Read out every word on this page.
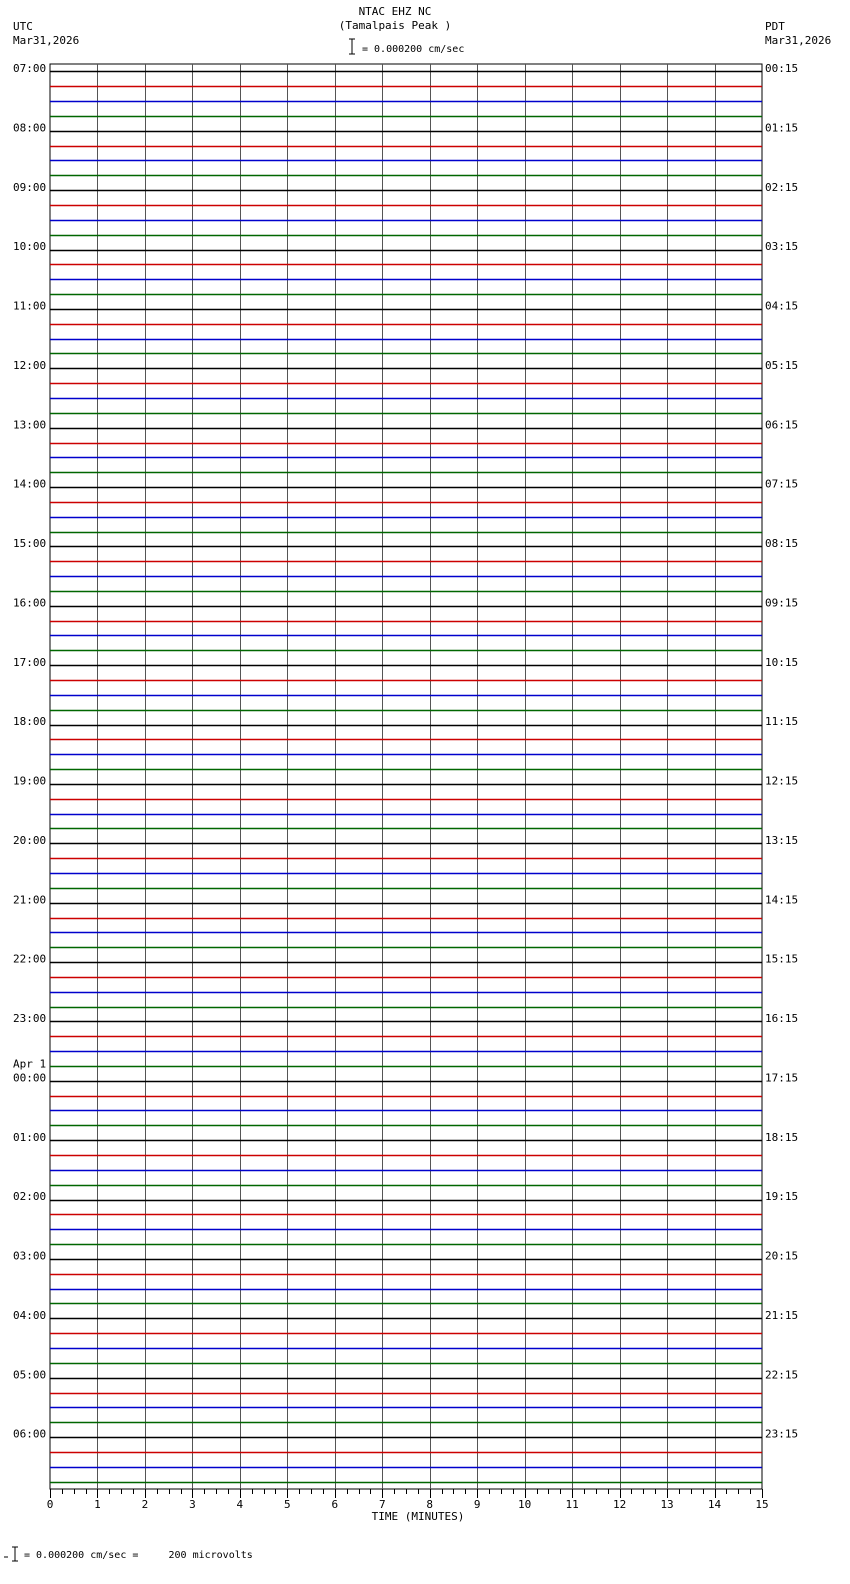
UTC
Mar31,2026
PDT
Mar31,2026
NTAC EHZ NC
(Tamalpais Peak )
= 0.000200 cm/sec
= 0.000200 cm/sec =     200 microvolts
0	1	2	3	4	5	6	7	8	9	10	11	12	13	14	15
07:00
08:00
09:00
10:00
11:00
12:00
13:00
14:00
15:00
16:00
17:00
18:00
19:00
20:00
21:00
22:00
23:00
00:00
Apr 1
01:00
02:00
03:00
04:00
05:00
06:00
00:15
01:15
02:15
03:15
04:15
05:15
06:15
07:15
08:15
09:15
10:15
11:15
12:15
13:15
14:15
15:15
16:15
17:15
18:15
19:15
20:15
21:15
22:15
23:15
TIME (MINUTES)
